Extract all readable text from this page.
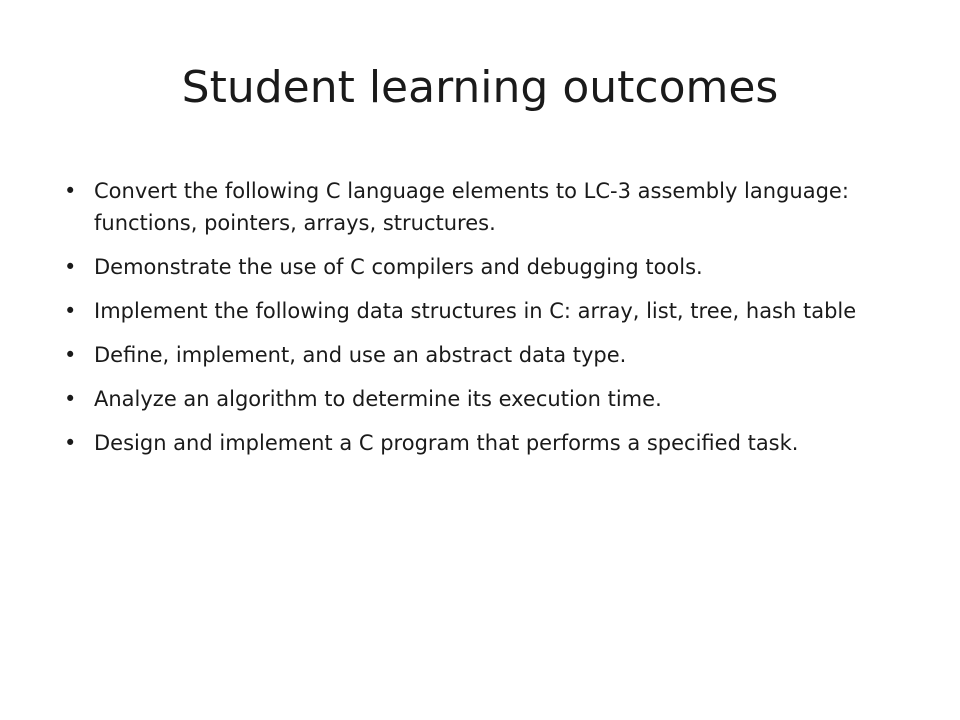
Student learning outcomes
• Convert the following C language elements to LC-3 assembly language: functions, pointers, arrays, structures.
• Demonstrate the use of C compilers and debugging tools.
• Implement the following data structures in C: array, list, tree, hash table
• Define, implement, and use an abstract data type.
• Analyze an algorithm to determine its execution time.
• Design and implement a C program that performs a specified task.
